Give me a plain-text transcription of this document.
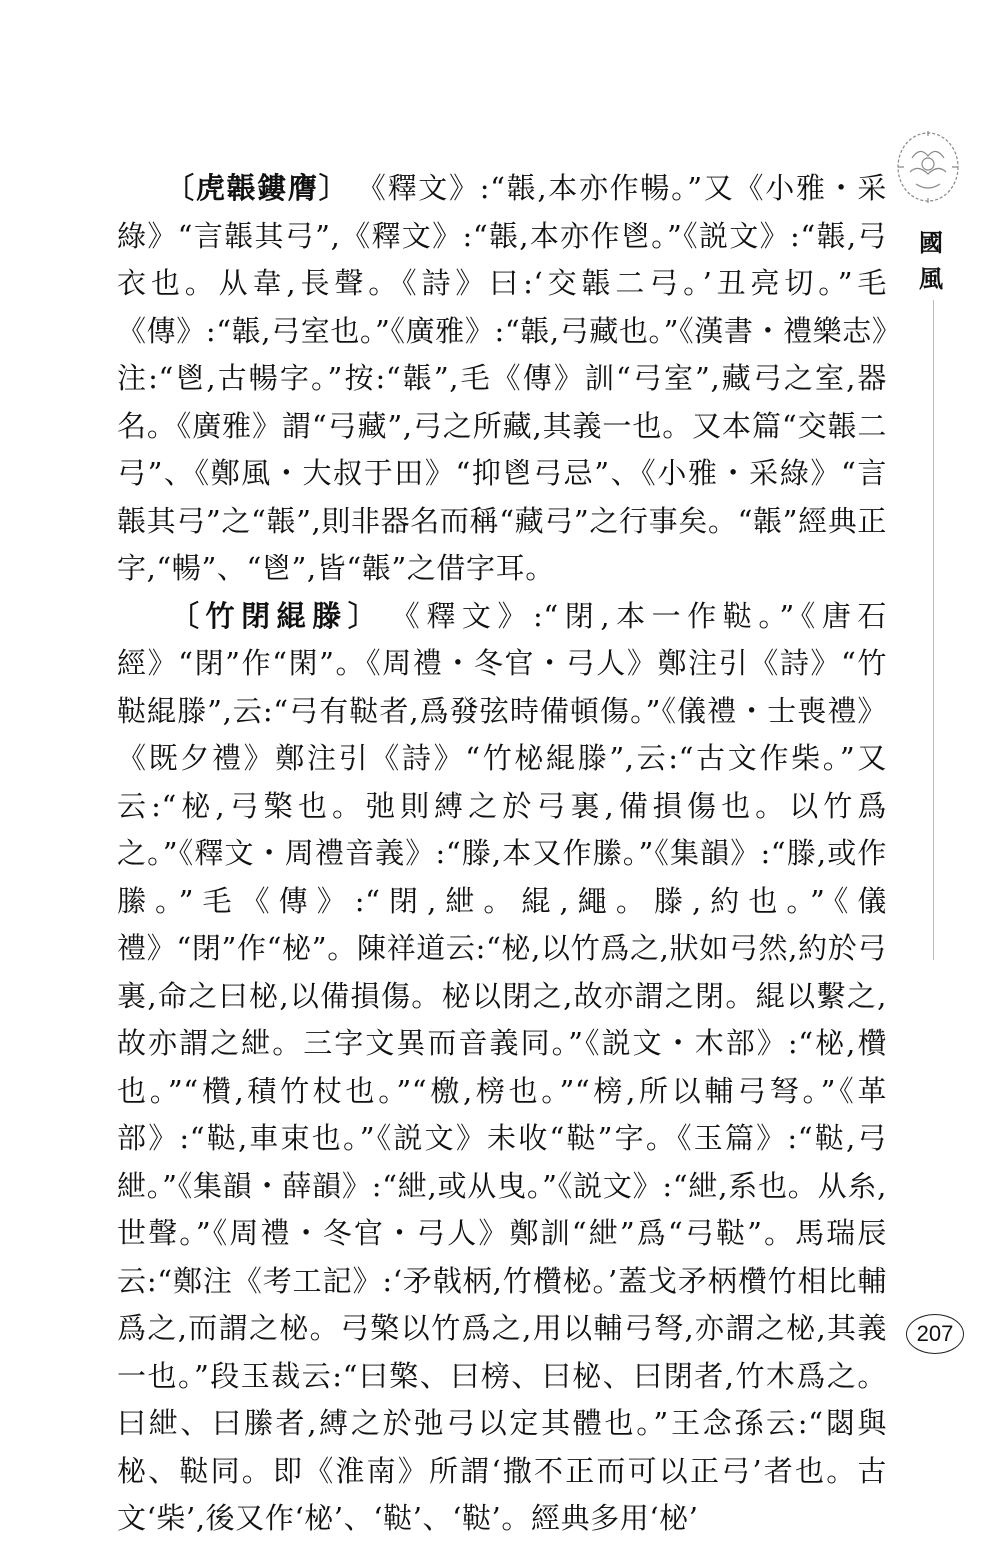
〔虎韔鏤膺〕 《釋文》:“韔,本亦作暢。”又《小雅・采綠》“言韔其弓”,《釋文》:“韔,本亦作鬯。”《説文》:“韔,弓衣也。从韋,長聲。《詩》曰:‘交韔二弓。’丑亮切。”毛《傳》:“韔,弓室也。”《廣雅》:“韔,弓藏也。”《漢書・禮樂志》注:“鬯,古暢字。”按:“韔”,毛《傳》訓“弓室”,藏弓之室,器名。《廣雅》謂“弓藏”,弓之所藏,其義一也。又本篇“交韔二弓”、《鄭風・大叔于田》“抑鬯弓忌”、《小雅・采綠》“言韔其弓”之“韔”,則非器名而稱“藏弓”之行事矣。“韔”經典正字,“暢”、“鬯”,皆“韔”之借字耳。

〔竹閉緄滕〕 《釋文》:“閉,本一作鞑。”《唐石經》“閉”作“閑”。《周禮・冬官・弓人》鄭注引《詩》“竹鞑緄滕”,云:“弓有鞑者,爲發弦時備頓傷。”《儀禮・士喪禮》《既夕禮》鄭注引《詩》“竹柲緄滕”,云:“古文作柴。”又云:“柲,弓檠也。弛則縛之於弓裏,備損傷也。以竹爲之。”《釋文・周禮音義》:“滕,本又作縢。”《集韻》:“滕,或作縢。”毛《傳》:“閉,紲。緄,繩。滕,約也。”《儀禮》“閉”作“柲”。陳祥道云:“柲,以竹爲之,狀如弓然,約於弓裏,命之曰柲,以備損傷。柲以閉之,故亦謂之閉。緄以繫之,故亦謂之紲。三字文異而音義同。”《説文・木部》:“柲,欑也。”“欑,積竹杖也。”“檄,榜也。”“榜,所以輔弓弩。”《革部》:“鞑,車束也。”《説文》未收“鞑”字。《玉篇》:“鞑,弓紲。”《集韻・薛韻》:“紲,或从曳。”《説文》:“紲,系也。从糸,世聲。”《周禮・冬官・弓人》鄭訓“紲”爲“弓鞑”。馬瑞辰云:“鄭注《考工記》:‘矛戟柄,竹欑柲。’蓋戈矛柄欑竹相比輔爲之,而謂之柲。弓檠以竹爲之,用以輔弓弩,亦謂之柲,其義一也。”段玉裁云:“曰檠、曰榜、曰柲、曰閉者,竹木爲之。曰紲、曰縢者,縛之於弛弓以定其體也。”王念孫云:“閟與柲、鞑同。即《淮南》所謂‘撒不正而可以正弓’者也。古文‘柴’,後又作‘柲’、‘鞑’、‘鞑’。經典多用‘柲’

國風
207
